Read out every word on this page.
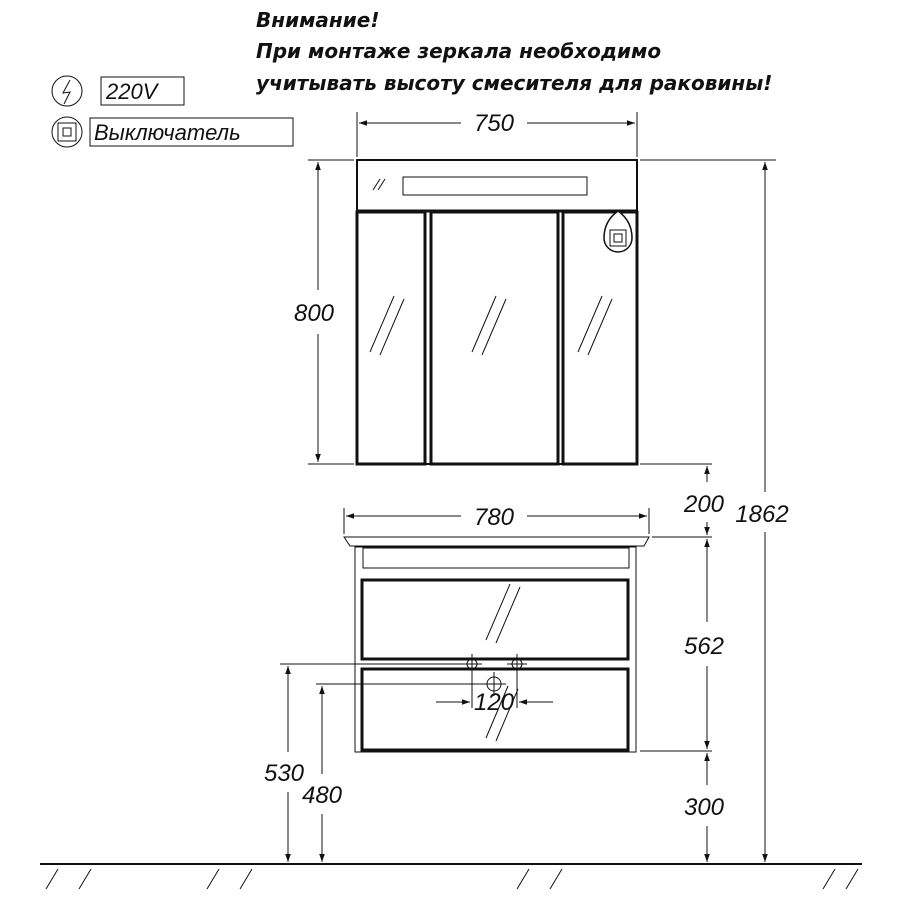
Внимание!
При монтаже зеркала необходимо
учитывать высоту смесителя для раковины!
220V
Выключатель	750
780
800
200 1862
562
300
530
480
120
